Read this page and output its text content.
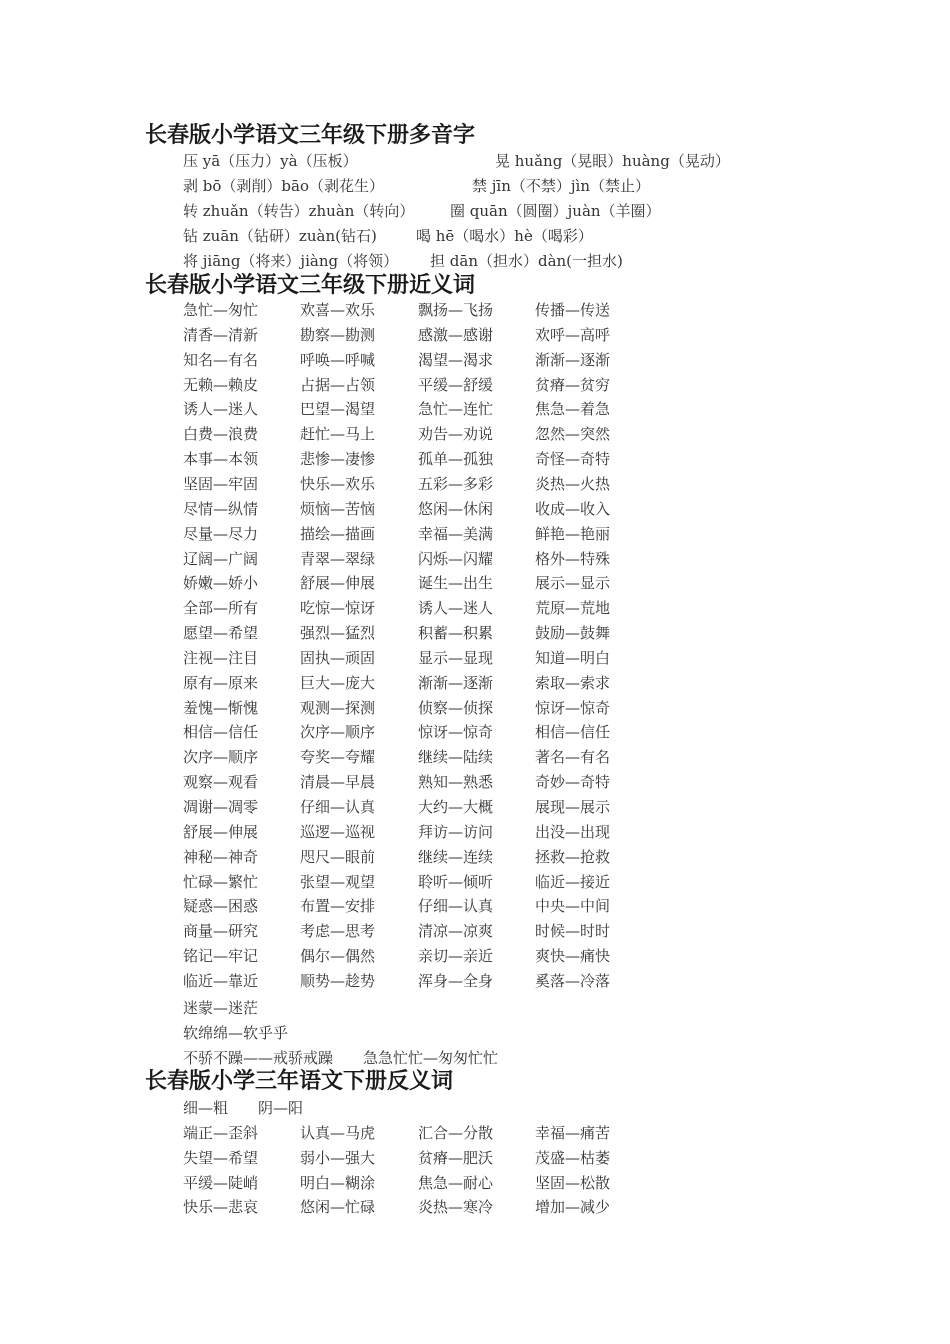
长春版小学语文三年级下册多音字
压 yā（压力）yà（压板）	晃 huǎng（晃眼）huàng（晃动）
剥 bō（剥削）bāo（剥花生）	禁 jīn（不禁）jìn（禁止）
转 zhuǎn（转告）zhuàn（转向） 圈 quān（圆圈）juàn（羊圈）
钻 zuān（钻研）zuàn(钻石)	喝 hē（喝水）hè（喝彩）
将 jiāng（将来）jiàng（将领） 担 dān（担水）dàn(一担水)
长春版小学语文三年级下册近义词
急忙—匆忙	欢喜—欢乐	飘扬—飞扬	传播—传送
清香—清新	勘察—勘测	感激—感谢	欢呼—高呼
知名—有名	呼唤—呼喊	渴望—渴求	渐渐—逐渐
无赖—赖皮	占据—占领	平缓—舒缓	贫瘠—贫穷
诱人—迷人	巴望—渴望	急忙—连忙	焦急—着急
白费—浪费	赶忙—马上	劝告—劝说	忽然—突然
本事—本领	悲惨—凄惨	孤单—孤独	奇怪—奇特
坚固—牢固	快乐—欢乐	五彩—多彩	炎热—火热
尽情—纵情	烦恼—苦恼	悠闲—休闲	收成—收入
尽量—尽力	描绘—描画	幸福—美满	鲜艳—艳丽
辽阔—广阔	青翠—翠绿	闪烁—闪耀	格外—特殊
娇嫩—娇小	舒展—伸展	诞生—出生	展示—显示
全部—所有	吃惊—惊讶	诱人—迷人	荒原—荒地
愿望—希望	强烈—猛烈	积蓄—积累	鼓励—鼓舞
注视—注目	固执—顽固	显示—显现	知道—明白
原有—原来	巨大—庞大	渐渐—逐渐	索取—索求
羞愧—惭愧	观测—探测	侦察—侦探	惊讶—惊奇
相信—信任	次序—顺序	惊讶—惊奇	相信—信任
次序—顺序	夸奖—夸耀	继续—陆续	著名—有名
观察—观看	清晨—早晨	熟知—熟悉	奇妙—奇特
凋谢—凋零	仔细—认真	大约—大概	展现—展示
舒展—伸展	巡逻—巡视	拜访—访问	出没—出现
神秘—神奇	咫尺—眼前	继续—连续	拯救—抢救
忙碌—繁忙	张望—观望	聆听—倾听	临近—接近
疑惑—困惑	布置—安排	仔细—认真	中央—中间
商量—研究	考虑—思考	清凉—凉爽	时候—时时
铭记—牢记	偶尔—偶然	亲切—亲近	爽快—痛快
临近—靠近	顺势—趁势	浑身—全身	奚落—冷落
迷蒙—迷茫
软绵绵—软乎乎
不骄不躁——戒骄戒躁　　急急忙忙—匆匆忙忙
长春版小学三年语文下册反义词
细—粗　　阴—阳
端正—歪斜	认真—马虎	汇合—分散	幸福—痛苦
失望—希望	弱小—强大	贫瘠—肥沃	茂盛—枯萎
平缓—陡峭	明白—糊涂	焦急—耐心	坚固—松散
快乐—悲哀	悠闲—忙碌	炎热—寒冷	增加—减少
